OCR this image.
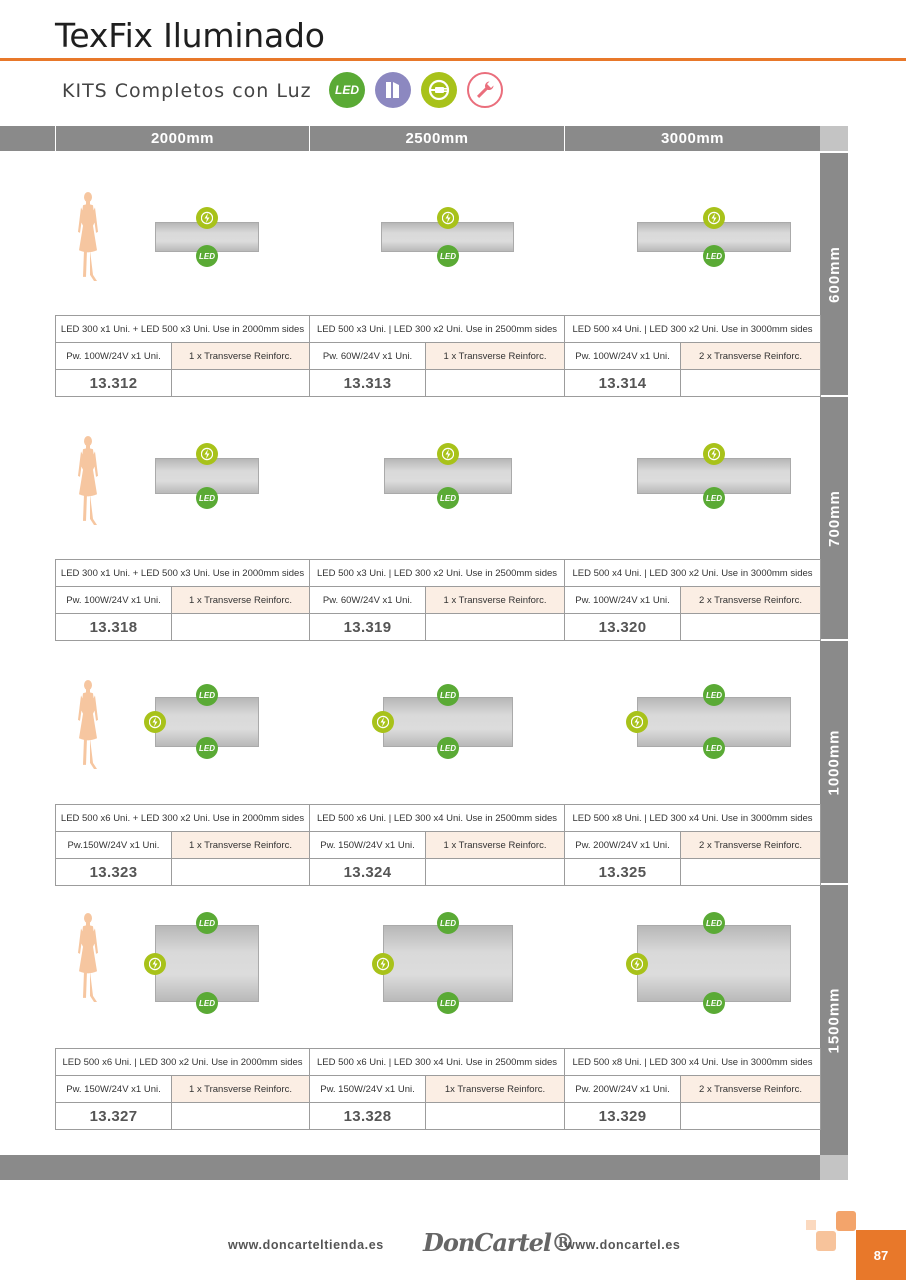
TexFix Iluminado
KITS Completos con Luz LED
2000mm	2500mm	3000mm
600mm
700mm
1000mm
1500mm
LED	LED	LED
LED	LED	LED
LED
LED
LED
LED
LED
LED
LED
LED
LED
LED
LED
LED
LED 300 x1 Uni. + LED 500 x3 Uni. Use in 2000mm sides
Pw. 100W/24V x1 Uni.	1 x Transverse Reinforc.
13.312
LED 500 x3 Uni. | LED 300 x2 Uni. Use in 2500mm sides
Pw. 60W/24V x1 Uni.	1 x Transverse Reinforc.
13.313
LED 500 x4 Uni. | LED 300 x2 Uni. Use in 3000mm sides
Pw. 100W/24V x1 Uni.	2 x Transverse Reinforc.
13.314
LED 300 x1 Uni. + LED 500 x3 Uni. Use in 2000mm sides
Pw. 100W/24V x1 Uni.	1 x Transverse Reinforc.
13.318
LED 500 x3 Uni. | LED 300 x2 Uni. Use in 2500mm sides
Pw. 60W/24V x1 Uni.	1 x Transverse Reinforc.
13.319
LED 500 x4 Uni. | LED 300 x2 Uni. Use in 3000mm sides
Pw. 100W/24V x1 Uni.	2 x Transverse Reinforc.
13.320
LED 500 x6 Uni. + LED 300 x2 Uni. Use in 2000mm sides
Pw.150W/24V x1 Uni.	1 x Transverse Reinforc.
13.323
LED 500 x6 Uni. | LED 300 x4 Uni. Use in 2500mm sides
Pw. 150W/24V x1 Uni.	1 x Transverse Reinforc.
13.324
LED 500 x8 Uni. | LED 300 x4 Uni. Use in 3000mm sides
Pw. 200W/24V x1 Uni.	2 x Transverse Reinforc.
13.325
LED 500 x6 Uni. | LED 300 x2 Uni. Use in 2000mm sides
Pw. 150W/24V x1 Uni.	1 x Transverse Reinforc.
13.327
LED 500 x6 Uni. | LED 300 x4 Uni. Use in 2500mm sides
Pw. 150W/24V x1 Uni.	1x Transverse Reinforc.
13.328
LED 500 x8 Uni. | LED 300 x4 Uni. Use in 3000mm sides
Pw. 200W/24V x1 Uni.	2 x Transverse Reinforc.
13.329
www.doncarteltienda.es DonCartel®
www.doncartel.es
87
